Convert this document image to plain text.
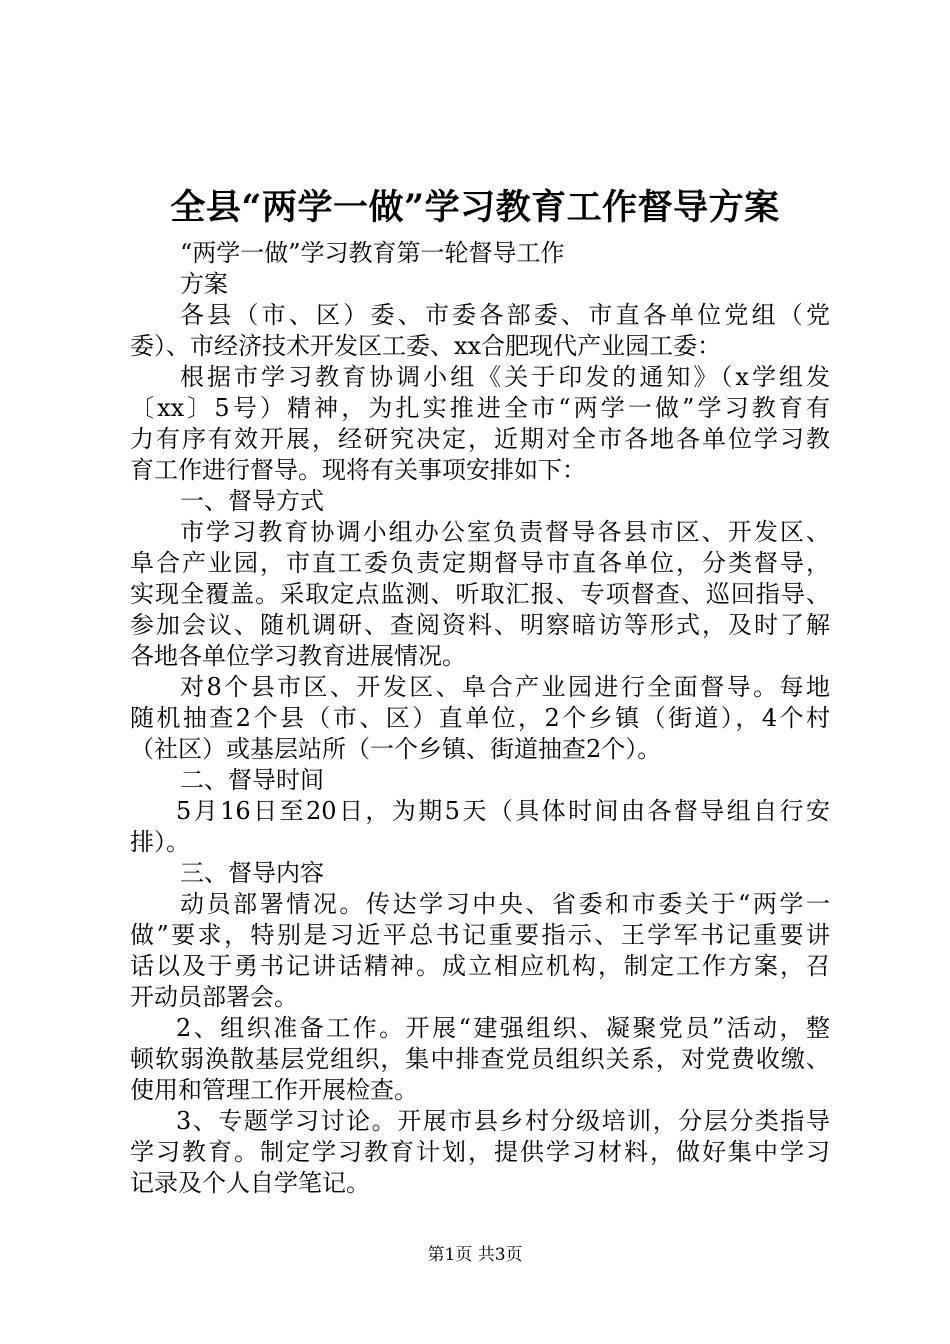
全县“两学一做”学习教育工作督导方案
“两学一做”学习教育第一轮督导工作
方案
各县（市、区）委、市委各部委、市直各单位党组（党
委）、市经济技术开发区工委、xx合肥现代产业园工委：
根据市学习教育协调小组《关于印发的通知》（x学组发
〔xx〕5号）精神，为扎实推进全市“两学一做”学习教育有
力有序有效开展，经研究决定，近期对全市各地各单位学习教
育工作进行督导。现将有关事项安排如下：
一、督导方式
市学习教育协调小组办公室负责督导各县市区、开发区、
阜合产业园，市直工委负责定期督导市直各单位，分类督导，
实现全覆盖。采取定点监测、听取汇报、专项督查、巡回指导、
参加会议、随机调研、查阅资料、明察暗访等形式，及时了解
各地各单位学习教育进展情况。
对8个县市区、开发区、阜合产业园进行全面督导。每地
随机抽查2个县（市、区）直单位，2个乡镇（街道），4个村
（社区）或基层站所（一个乡镇、街道抽查2个）。
二、督导时间
5月16日至20日，为期5天（具体时间由各督导组自行安
排）。
三、督导内容
动员部署情况。传达学习中央、省委和市委关于“两学一
做”要求，特别是习近平总书记重要指示、王学军书记重要讲
话以及于勇书记讲话精神。成立相应机构，制定工作方案，召
开动员部署会。
2、组织准备工作。开展“建强组织、凝聚党员”活动，整
顿软弱涣散基层党组织，集中排查党员组织关系，对党费收缴、
使用和管理工作开展检查。
3、专题学习讨论。开展市县乡村分级培训，分层分类指导
学习教育。制定学习教育计划，提供学习材料，做好集中学习
记录及个人自学笔记。
第1页 共3页
